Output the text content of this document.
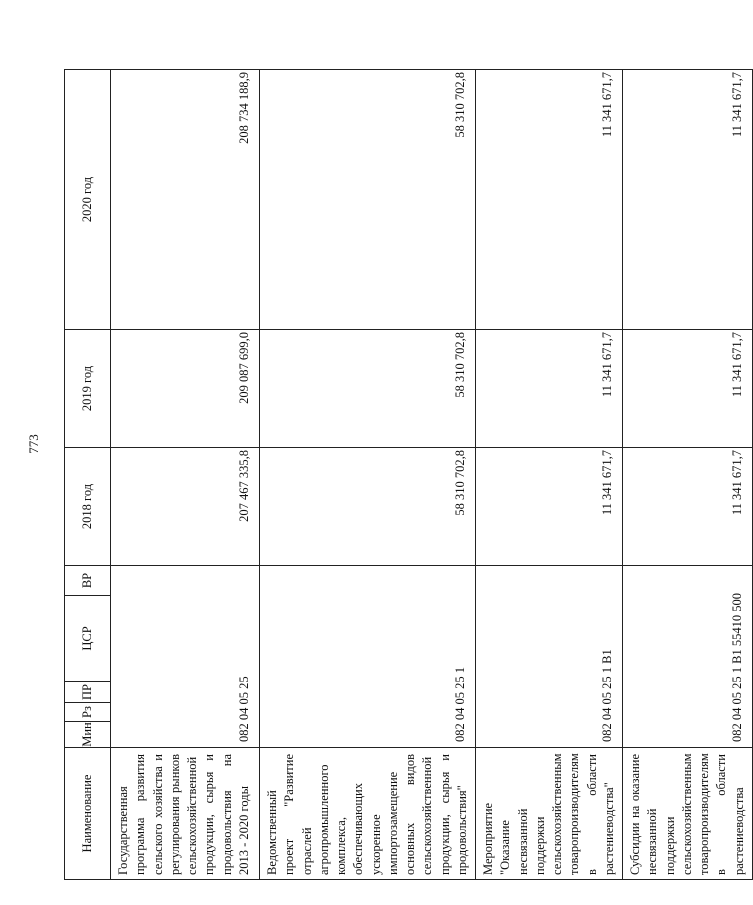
773
Наименование	Мин	Рз	ПР	ЦСР	ВР	2018 год	2019 год	2020 год
Государственная программа развития сельского хозяйства и регулирования рынков сельскохозяйственной продукции, сырья и продовольствия на 2013 - 2020 годы	082 04 05 25					207 467 335,8	209 087 699,0	208 734 188,9
Ведомственный проект "Развитие отраслей агропромышленного комплекса, обеспечивающих ускоренное импортозамещение основных видов сельскохозяйственной продукции, сырья и продовольствия"	082 04 05 25 1					58 310 702,8	58 310 702,8	58 310 702,8
Мероприятие "Оказание несвязанной поддержки сельскохозяйственным товаропроизводителям в области растениеводства"	082 04 05 25 1 В1					11 341 671,7	11 341 671,7	11 341 671,7
Субсидии на оказание несвязанной поддержки сельскохозяйственным товаропроизводителям в области растениеводства	082 04 05 25 1 В1 55410 500					11 341 671,7	11 341 671,7	11 341 671,7
